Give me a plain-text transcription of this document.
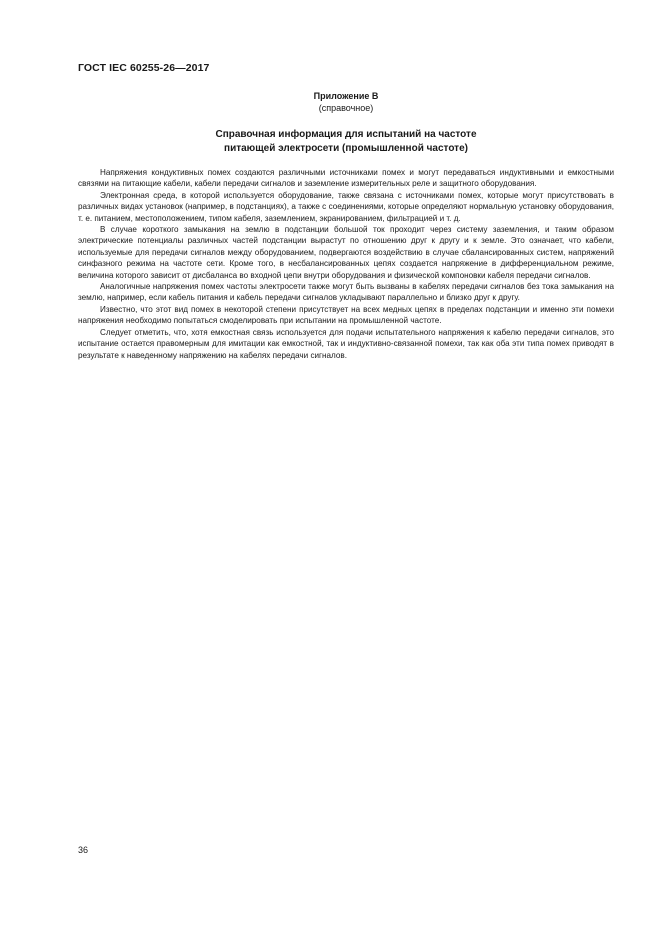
ГОСТ IEC 60255-26—2017
Приложение В
(справочное)
Справочная информация для испытаний на частоте
питающей электросети (промышленной частоте)

Напряжения кондуктивных помех создаются различными источниками помех и могут передаваться индуктивными и емкостными связями на питающие кабели, кабели передачи сигналов и заземление измерительных реле и защитного оборудования.

Электронная среда, в которой используется оборудование, также связана с источниками помех, которые могут присутствовать в различных видах установок (например, в подстанциях), а также с соединениями, которые определяют нормальную установку оборудования, т. е. питанием, местоположением, типом кабеля, заземлением, экранированием, фильтрацией и т. д.

В случае короткого замыкания на землю в подстанции большой ток проходит через систему заземления, и таким образом электрические потенциалы различных частей подстанции вырастут по отношению друг к другу и к земле. Это означает, что кабели, используемые для передачи сигналов между оборудованием, подвергаются воздействию в случае сбалансированных систем, напряжений синфазного режима на частоте сети. Кроме того, в несбалансированных цепях создается напряжение в дифференциальном режиме, величина которого зависит от дисбаланса во входной цепи внутри оборудования и физической компоновки кабеля передачи сигналов.

Аналогичные напряжения помех частоты электросети также могут быть вызваны в кабелях передачи сигналов без тока замыкания на землю, например, если кабель питания и кабель передачи сигналов укладывают параллельно и близко друг к другу.

Известно, что этот вид помех в некоторой степени присутствует на всех медных цепях в пределах подстанции и именно эти помехи напряжения необходимо попытаться смоделировать при испытании на промышленной частоте.

Следует отметить, что, хотя емкостная связь используется для подачи испытательного напряжения к кабелю передачи сигналов, это испытание остается правомерным для имитации как емкостной, так и индуктивно-связанной помехи, так как оба эти типа помех приводят в результате к наведенному напряжению на кабелях передачи сигналов.

36
